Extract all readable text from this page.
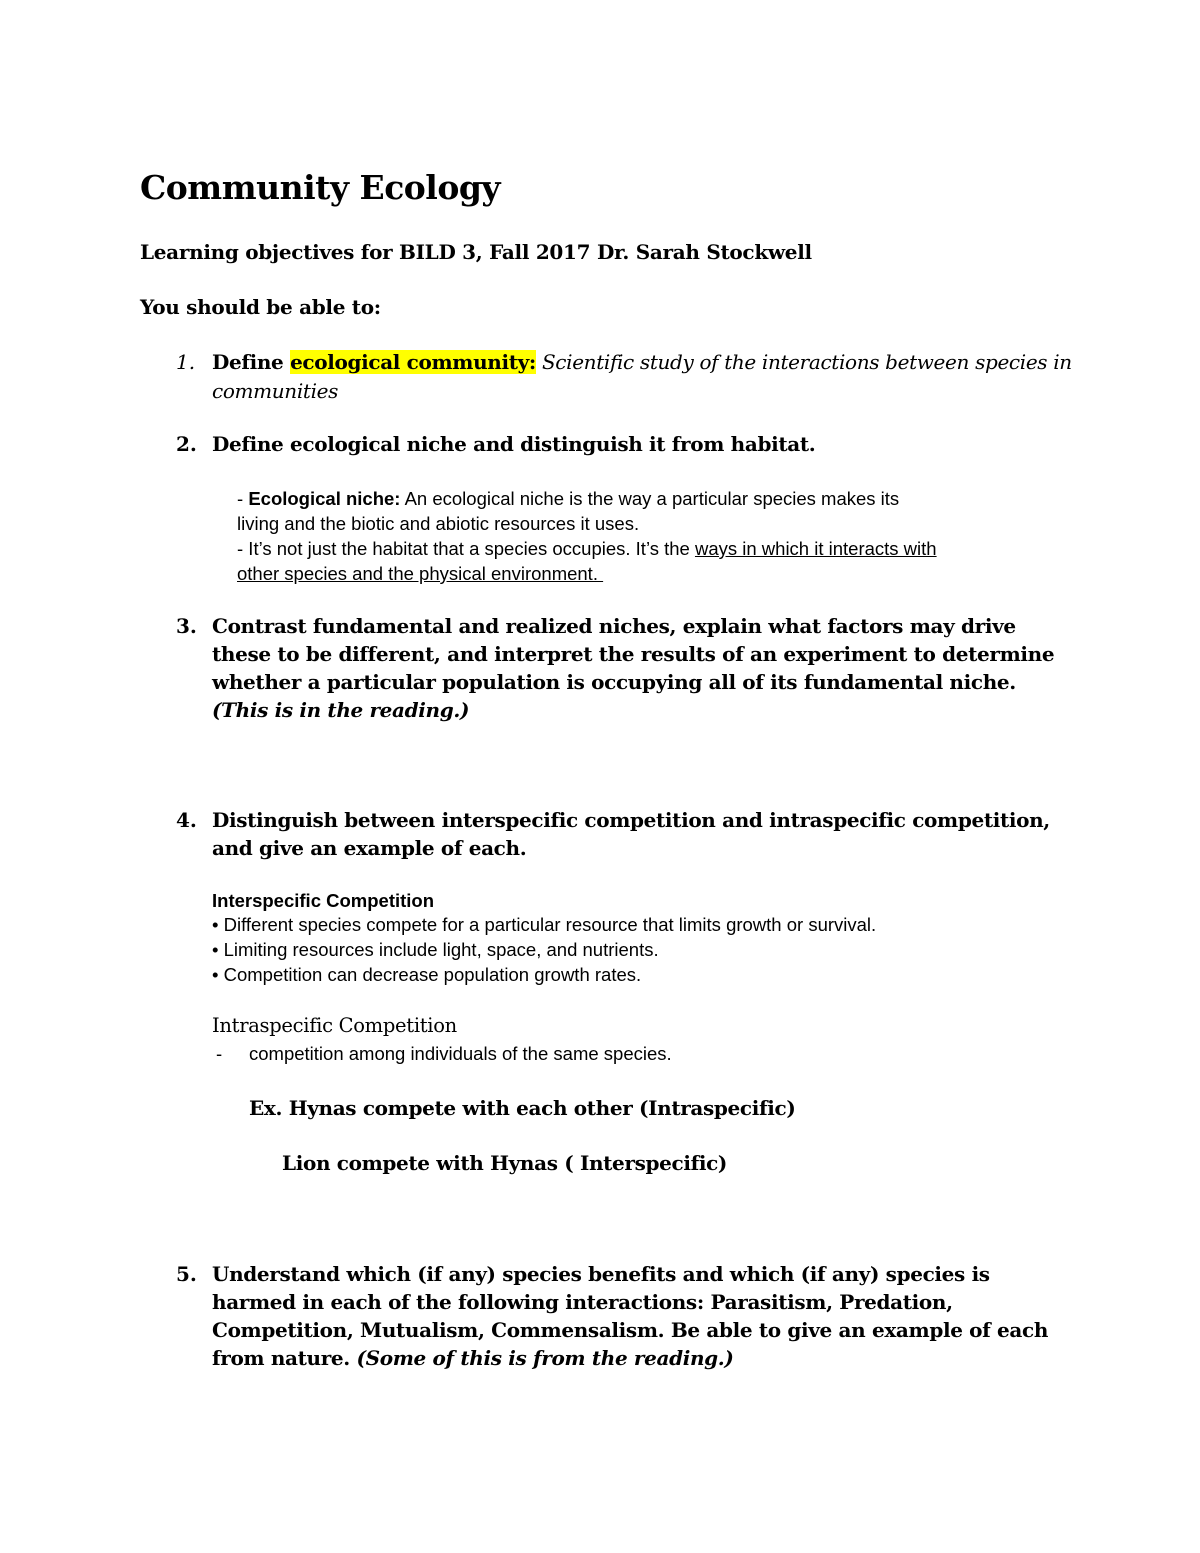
Community Ecology
Learning objectives for BILD 3, Fall 2017 Dr. Sarah Stockwell
You should be able to:
1. Define ecological community: Scientific study of the interactions between species in
communities
2. Define ecological niche and distinguish it from habitat.
- Ecological niche: An ecological niche is the way a particular species makes its
living and the biotic and abiotic resources it uses.
- It’s not just the habitat that a species occupies. It’s the ways in which it interacts with
other species and the physical environment.
3. Contrast fundamental and realized niches, explain what factors may drive
these to be different, and interpret the results of an experiment to determine
whether a particular population is occupying all of its fundamental niche.
(This is in the reading.)
4. Distinguish between interspecific competition and intraspecific competition,
and give an example of each.
Interspecific Competition
• Different species compete for a particular resource that limits growth or survival.
• Limiting resources include light, space, and nutrients.
• Competition can decrease population growth rates.
Intraspecific Competition
- competition among individuals of the same species.
Ex. Hynas compete with each other (Intraspecific)
Lion compete with Hynas ( Interspecific)
5. Understand which (if any) species benefits and which (if any) species is
harmed in each of the following interactions: Parasitism, Predation,
Competition, Mutualism, Commensalism. Be able to give an example of each
from nature. (Some of this is from the reading.)
